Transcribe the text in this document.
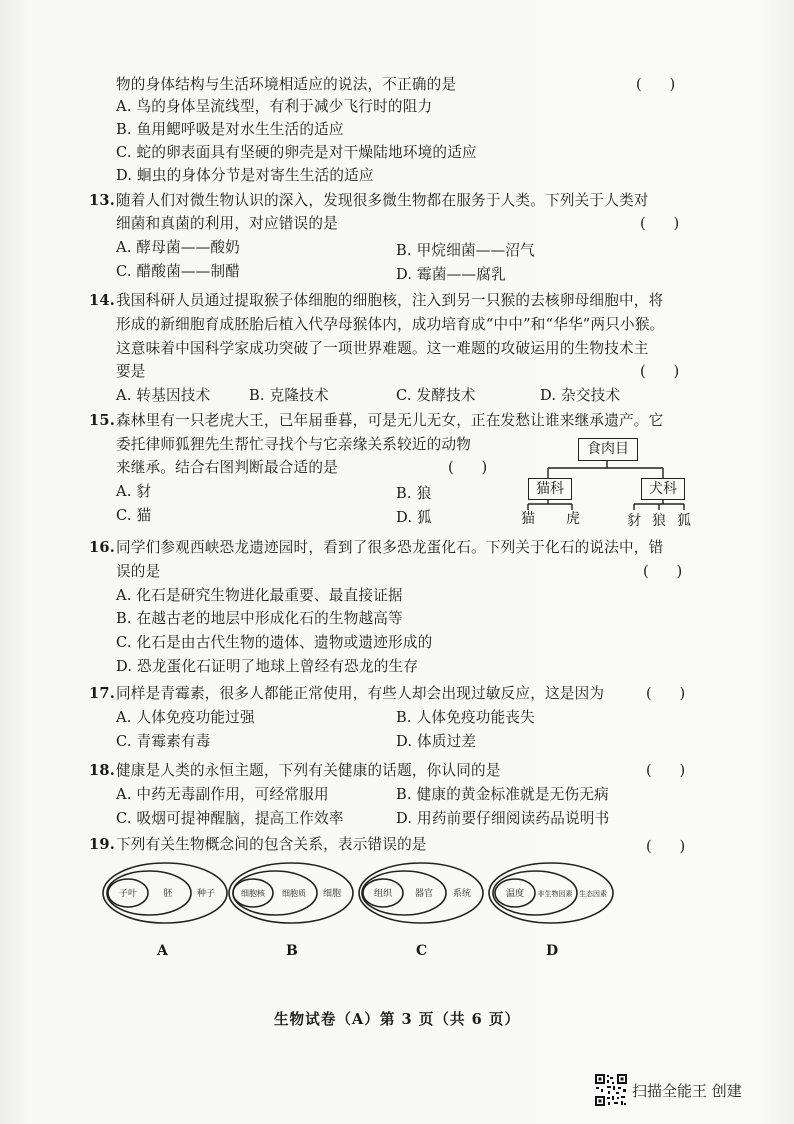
物的身体结构与生活环境相适应的说法，不正确的是	(      )
A. 鸟的身体呈流线型，有利于减少飞行时的阻力
B. 鱼用鳃呼吸是对水生生活的适应
C. 蛇的卵表面具有坚硬的卵壳是对干燥陆地环境的适应
D. 蛔虫的身体分节是对寄生生活的适应
13. 随着人们对微生物认识的深入，发现很多微生物都在服务于人类。下列关于人类对
细菌和真菌的利用，对应错误的是	(      )
A. 酵母菌——酸奶	B. 甲烷细菌——沼气
C. 醋酸菌——制醋	D. 霉菌——腐乳
14. 我国科研人员通过提取猴子体细胞的细胞核，注入到另一只猴的去核卵母细胞中，将
形成的新细胞育成胚胎后植入代孕母猴体内，成功培育成“中中”和“华华”两只小猴。
这意味着中国科学家成功突破了一项世界难题。这一难题的攻破运用的生物技术主
要是	(      )
A. 转基因技术	B. 克隆技术	C. 发酵技术	D. 杂交技术
15. 森林里有一只老虎大王，已年届垂暮，可是无儿无女，正在发愁让谁来继承遗产。它
委托律师狐狸先生帮忙寻找个与它亲缘关系较近的动物
来继承。结合右图判断最合适的是	(      )
A. 豺	B. 狼
C. 猫	D. 狐
食肉目
猫科	犬科
猫 虎	豺 狼 狐
16. 同学们参观西峡恐龙遗迹园时，看到了很多恐龙蛋化石。下列关于化石的说法中，错
误的是	(      )
A. 化石是研究生物进化最重要、最直接证据
B. 在越古老的地层中形成化石的生物越高等
C. 化石是由古代生物的遗体、遗物或遗迹形成的
D. 恐龙蛋化石证明了地球上曾经有恐龙的生存
17. 同样是青霉素，很多人都能正常使用，有些人却会出现过敏反应，这是因为	(      )
A. 人体免疫功能过强	B. 人体免疫功能丧失
C. 青霉素有毒	D. 体质过差
18. 健康是人类的永恒主题，下列有关健康的话题，你认同的是	(      )
A. 中药无毒副作用，可经常服用	B. 健康的黄金标准就是无伤无病
C. 吸烟可提神醒脑，提高工作效率	D. 用药前要仔细阅读药品说明书
19. 下列有关生物概念间的包含关系，表示错误的是	(      )
子叶	胚	种子	细胞核 细胞质 细胞	组织	器官 系统	温度 非生物因素 生态因素
A	B	C	D
生物试卷（A）第 3 页（共 6 页）
扫描全能王 创建
